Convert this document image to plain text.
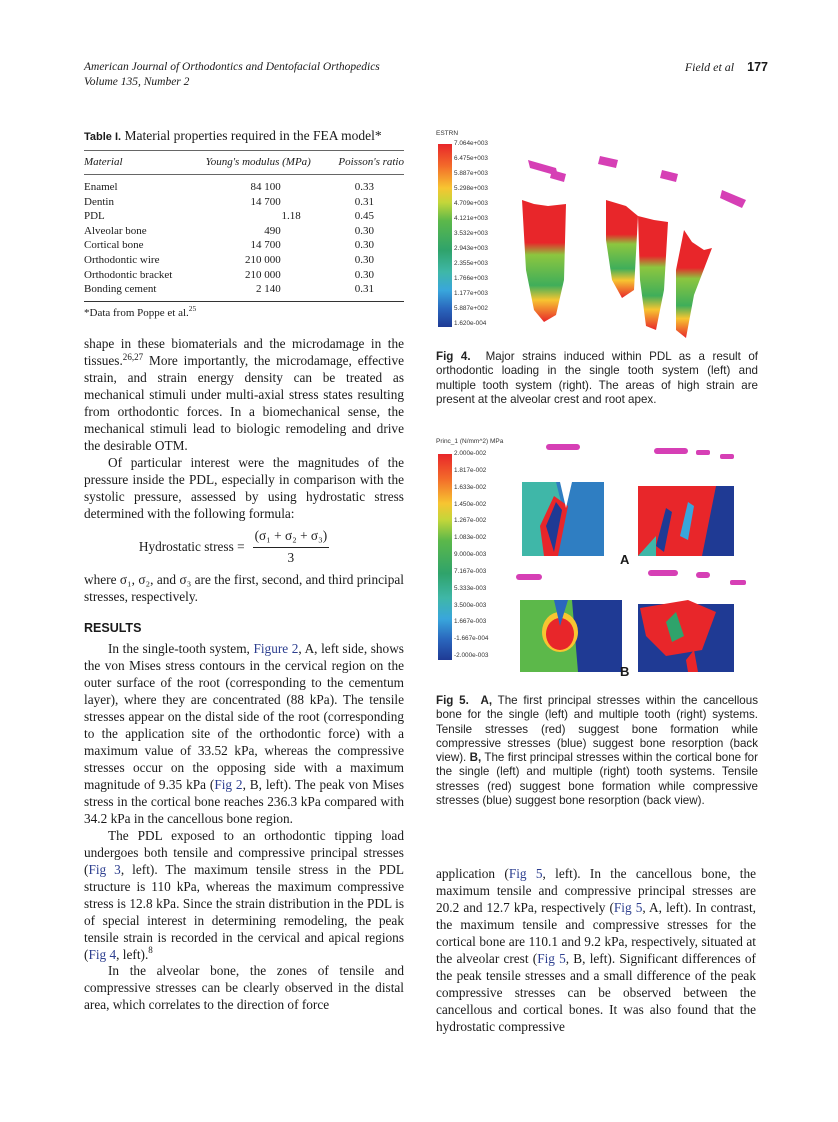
American Journal of Orthodontics and Dentofacial Orthopedics
Volume 135, Number 2
Field et al 177
Table I. Material properties required in the FEA model*
Material	Young's modulus (MPa)	Poisson's ratio
Enamel	84 100	0.33
Dentin	14 700	0.31
PDL	1.18	0.45
Alveolar bone	490	0.30
Cortical bone	14 700	0.30
Orthodontic wire	210 000	0.30
Orthodontic bracket	210 000	0.30
Bonding cement	2 140	0.31
*Data from Poppe et al.$^{25}$

shape in these biomaterials and the microdamage in the tissues.$^{26,27}$ More importantly, the microdamage, effective strain, and strain energy density can be treated as mechanical stimuli under multi-axial stress states resulting from orthodontic forces. In a biomechanical sense, the mechanical stimuli lead to biologic remodeling and drive the desirable OTM.

Of particular interest were the magnitudes of the pressure inside the PDL, especially in comparison with the systolic pressure, assessed by using hydrostatic stress determined with the following formula:

Hydrostatic stress = $\frac{\text{(σ₁ + σ₂ + σ₃)}}{3}$

where σ₁, σ₂, and σ₃ are the first, second, and third principal stresses, respectively.

RESULTS

In the single-tooth system, Figure 2, A, left side, shows the von Mises stress contours in the cervical region on the outer surface of the root (corresponding to the cementum layer), where they are concentrated (88 kPa). The tensile stresses appear on the distal side of the root (corresponding to the application site of the orthodontic force) with a maximum value of 33.52 kPa, whereas the compressive stresses occur on the opposing side with a maximum magnitude of 9.35 kPa (Fig 2, B, left). The peak von Mises stress in the cortical bone reaches 236.3 kPa compared with 34.2 kPa in the cancellous bone region.

The PDL exposed to an orthodontic tipping load undergoes both tensile and compressive principal stresses (Fig 3, left). The maximum tensile stress in the PDL structure is 110 kPa, whereas the maximum compressive stress is 12.8 kPa. Since the strain distribution in the PDL is of special interest in determining remodeling, the peak tensile strain is recorded in the cervical and apical regions (Fig 4, left).$^8$

In the alveolar bone, the zones of tensile and compressive stresses can be clearly observed in the distal area, which correlates to the direction of force

ESTRN
7.064e+003
6.475e+003
5.887e+003
5.298e+003
4.709e+003
4.121e+003
3.532e+003
2.943e+003
2.355e+003
1.766e+003
1.177e+003
5.887e+002
1.620e-004
Fig 4. Major strains induced within PDL as a result of orthodontic loading in the single tooth system (left) and multiple tooth system (right). The areas of high strain are present at the alveolar crest and root apex.
Princ_1 (N/mm^2) MPa
2.000e-002
1.817e-002
1.633e-002
1.450e-002
1.267e-002
1.083e-002
9.000e-003
7.167e-003
5.333e-003
3.500e-003
1.667e-003
-1.667e-004
-2.000e-003
A
B
Fig 5. A, The first principal stresses within the cancellous bone for the single (left) and multiple tooth (right) systems. Tensile stresses (red) suggest bone formation while compressive stresses (blue) suggest bone resorption (back view). B, The first principal stresses within the cortical bone for the single (left) and multiple (right) tooth systems. Tensile stresses (red) suggest bone formation while compressive stresses (blue) suggest bone resorption (back view).

application (Fig 5, left). In the cancellous bone, the maximum tensile and compressive principal stresses are 20.2 and 12.7 kPa, respectively (Fig 5, A, left). In contrast, the maximum tensile and compressive stresses for the cortical bone are 110.1 and 9.2 kPa, respectively, situated at the alveolar crest (Fig 5, B, left). Significant differences of the peak tensile stresses and a small difference of the peak compressive stresses can be observed between the cancellous and cortical bones. It was also found that the hydrostatic compressive
